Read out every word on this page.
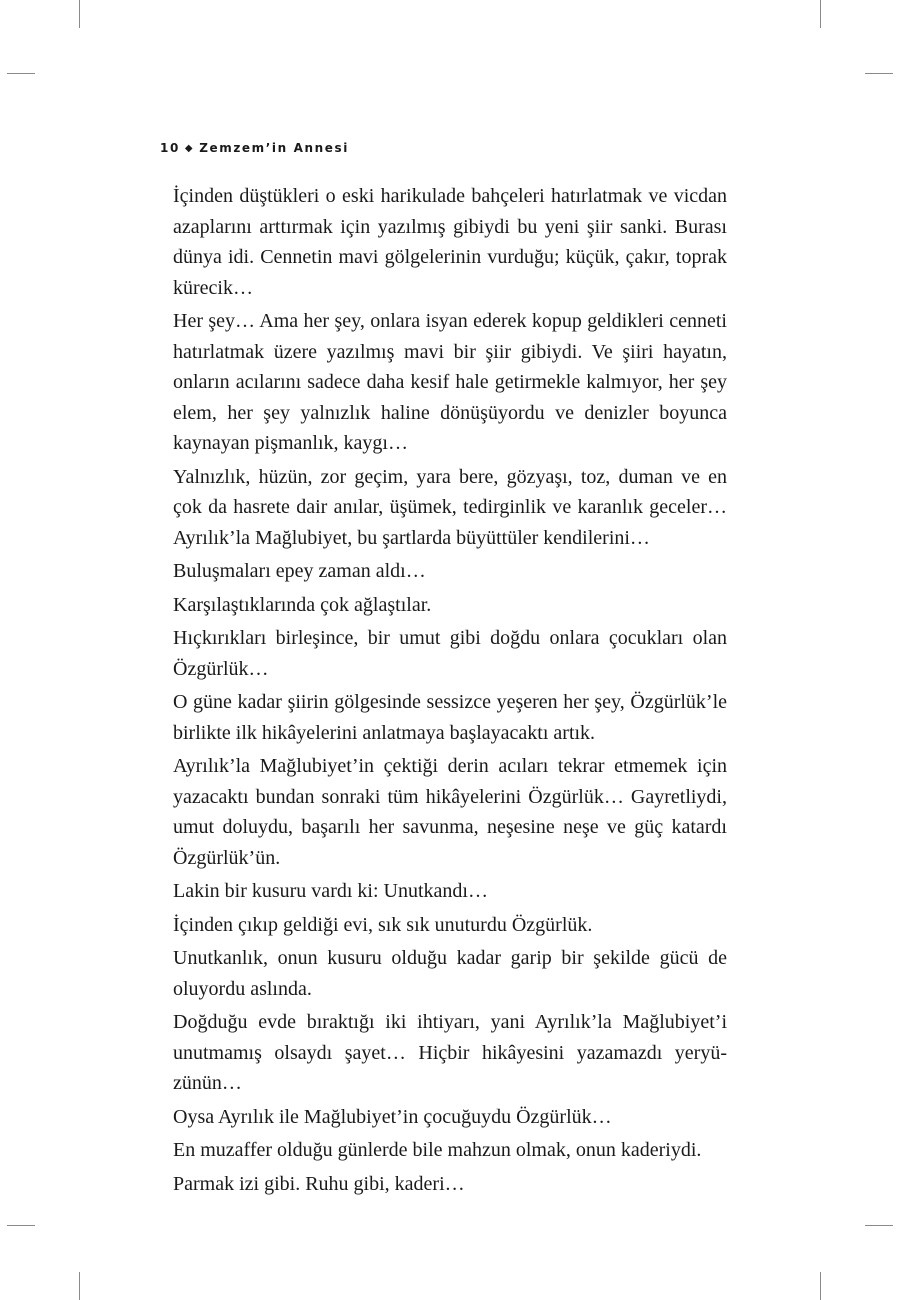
10 ◆ Zemzem’in Annesi

İçinden düştükleri o eski harikulade bahçeleri hatırlatmak ve vicdan azaplarını arttırmak için yazılmış gibiydi bu yeni şiir sanki. Burası dünya idi. Cennetin mavi gölgelerinin vurduğu; küçük, çakır, toprak kürecik…

Her şey… Ama her şey, onlara isyan ederek kopup geldikleri cenneti hatırlatmak üzere yazılmış mavi bir şiir gibiydi. Ve şiiri hayatın, onların acılarını sadece daha kesif hale getirmekle kalmıyor, her şey elem, her şey yalnızlık haline dönüşüyordu ve denizler boyunca kaynayan pişmanlık, kaygı…

Yalnızlık, hüzün, zor geçim, yara bere, gözyaşı, toz, duman ve en çok da hasrete dair anılar, üşümek, tedirginlik ve karanlık geceler… Ayrılık’la Mağlubiyet, bu şartlarda büyüttüler kendilerini…

Buluşmaları epey zaman aldı…

Karşılaştıklarında çok ağlaştılar.

Hıçkırıkları birleşince, bir umut gibi doğdu onlara çocukları olan Özgürlük…

O güne kadar şiirin gölgesinde sessizce yeşeren her şey, Özgürlük’le birlikte ilk hikâyelerini anlatmaya başlayacaktı artık.

Ayrılık’la Mağlubiyet’in çektiği derin acıları tekrar etmemek için yazacaktı bundan sonraki tüm hikâyelerini Özgürlük… Gayretliydi, umut doluydu, başarılı her savunma, neşesine neşe ve güç katardı Özgürlük’ün.

Lakin bir kusuru vardı ki: Unutkandı…

İçinden çıkıp geldiği evi, sık sık unuturdu Özgürlük.

Unutkanlık, onun kusuru olduğu kadar garip bir şekilde gücü de oluyordu aslında.

Doğduğu evde bıraktığı iki ihtiyarı, yani Ayrılık’la Mağlubiyet’i unutmamış olsaydı şayet… Hiçbir hikâyesini yazamazdı yeryüzünün…

Oysa Ayrılık ile Mağlubiyet’in çocuğuydu Özgürlük…

En muzaffer olduğu günlerde bile mahzun olmak, onun kaderiydi.

Parmak izi gibi. Ruhu gibi, kaderi…
